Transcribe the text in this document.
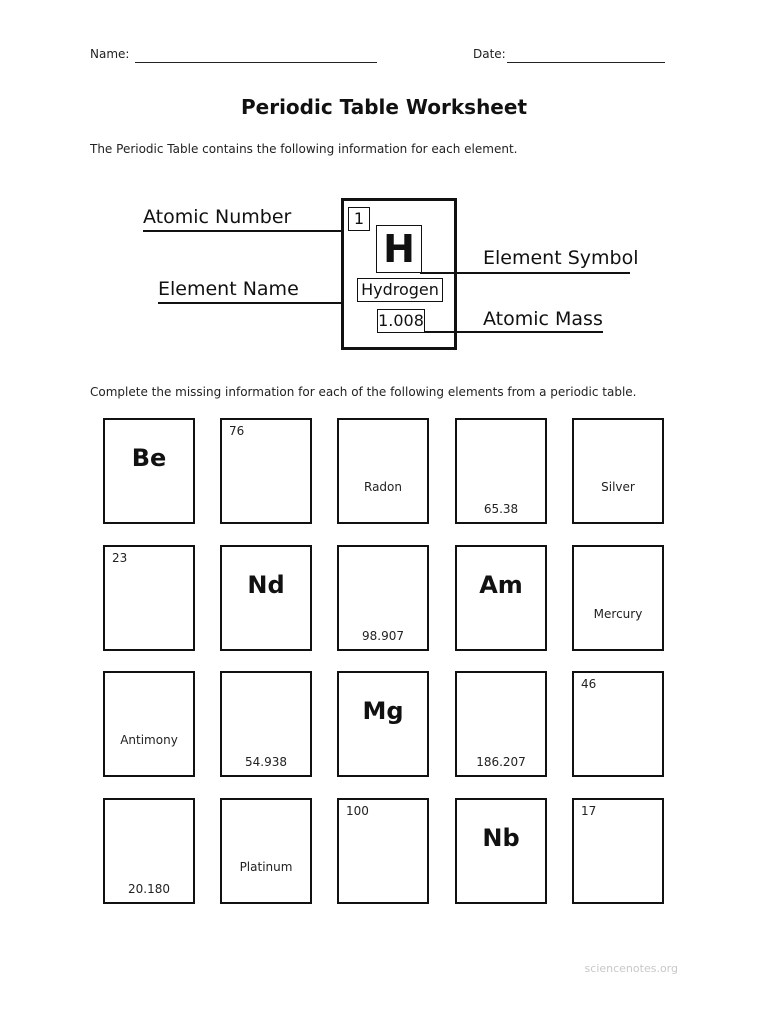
Name:	Date:
Periodic Table Worksheet
The Periodic Table contains the following information for each element.
Atomic Number
Element Name
1
H
Hydrogen
1.008
Element Symbol
Atomic Mass
Complete the missing information for each of the following elements from a periodic table.
Be
76
Radon
65.38
Silver
23
Nd
98.907
Am
Mercury
Antimony
54.938
Mg
186.207
46
20.180
Platinum
100
Nb
17
sciencenotes.org
